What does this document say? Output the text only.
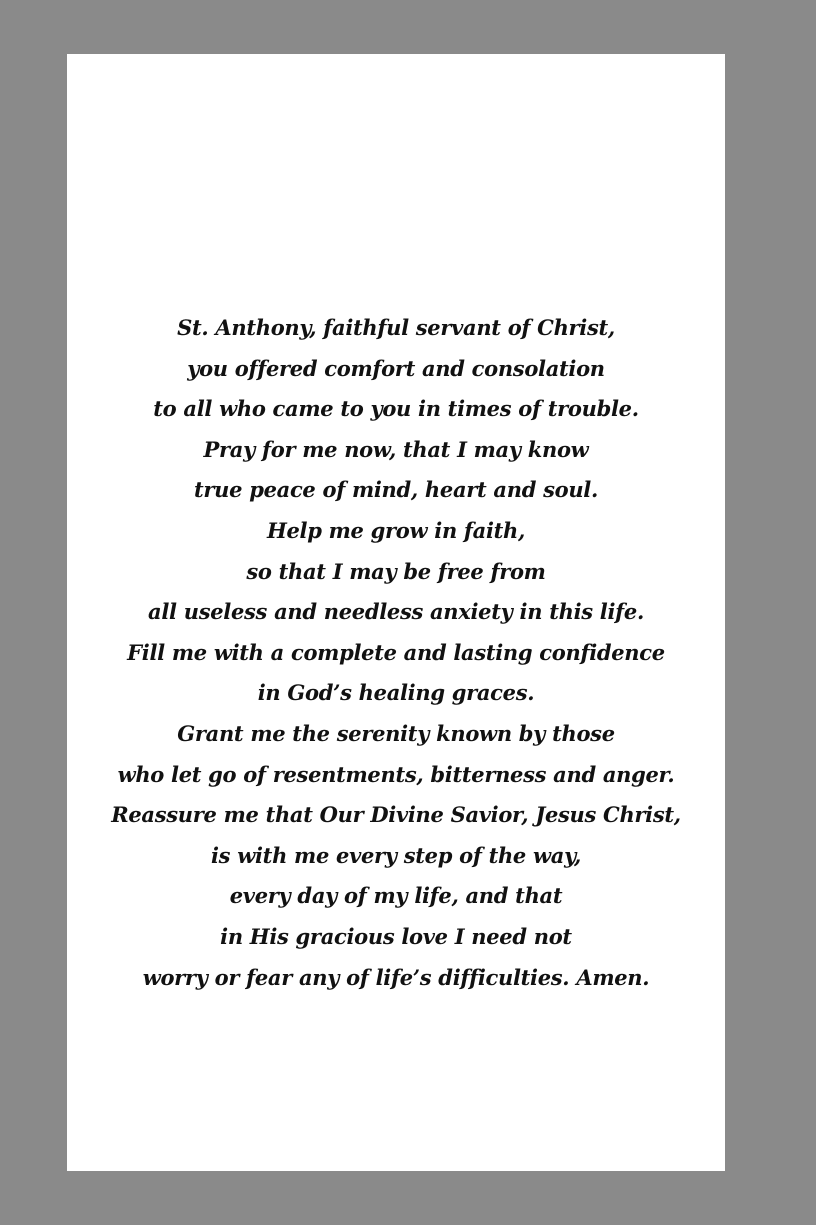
St. Anthony, faithful servant of Christ,
you offered comfort and consolation
to all who came to you in times of trouble.
Pray for me now, that I may know
true peace of mind, heart and soul.
Help me grow in faith,
so that I may be free from
all useless and needless anxiety in this life.
Fill me with a complete and lasting confidence
in God’s healing graces.
Grant me the serenity known by those
who let go of resentments, bitterness and anger.
Reassure me that Our Divine Savior, Jesus Christ,
is with me every step of the way,
every day of my life, and that
in His gracious love I need not
worry or fear any of life’s difficulties. Amen.
